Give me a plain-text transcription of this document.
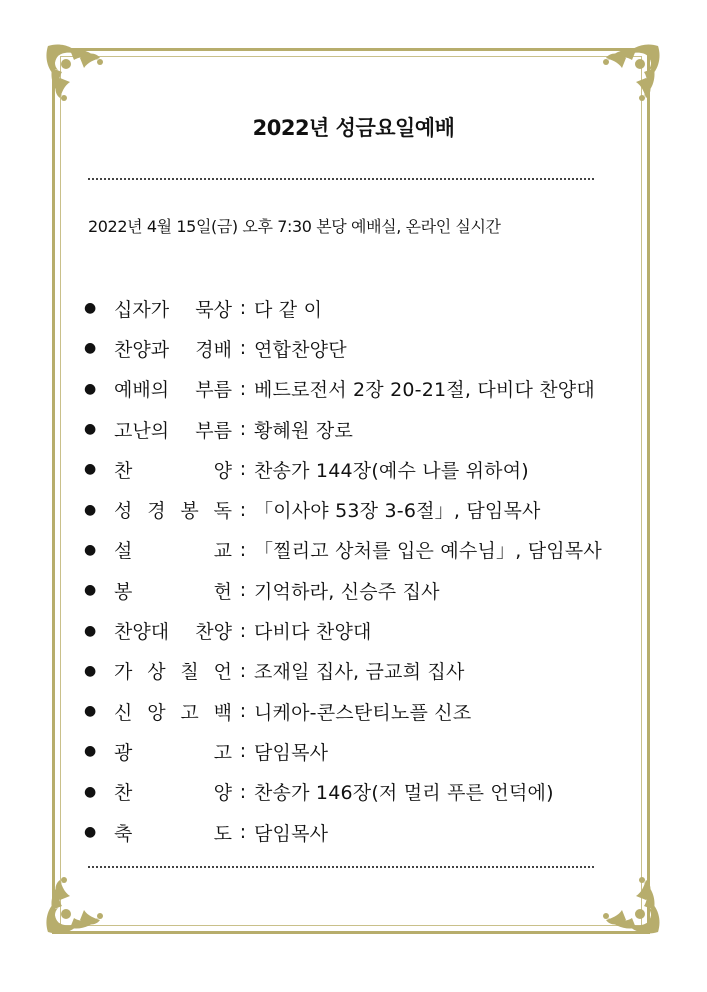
2022년 성금요일예배
2022년 4월 15일(금) 오후 7:30 본당 예배실, 온라인 실시간
● 십자가 묵상 : 다 같 이
● 찬양과 경배 : 연합찬양단
● 예배의 부름 : 베드로전서 2장 20-21절, 다비다 찬양대
● 고난의 부름 : 황혜원 장로
● 찬	양 : 찬송가 144장(예수 나를 위하여)
● 성 경 봉 독 : 「이사야 53장 3-6절」, 담임목사
● 설	교 : 「찔리고 상처를 입은 예수님」, 담임목사
● 봉	헌 : 기억하라, 신승주 집사
● 찬양대 찬양 : 다비다 찬양대
● 가 상 칠 언 : 조재일 집사, 금교희 집사
● 신 앙 고 백 : 니케아-콘스탄티노플 신조
● 광	고 : 담임목사
● 찬	양 : 찬송가 146장(저 멀리 푸른 언덕에)
● 축	도 : 담임목사
